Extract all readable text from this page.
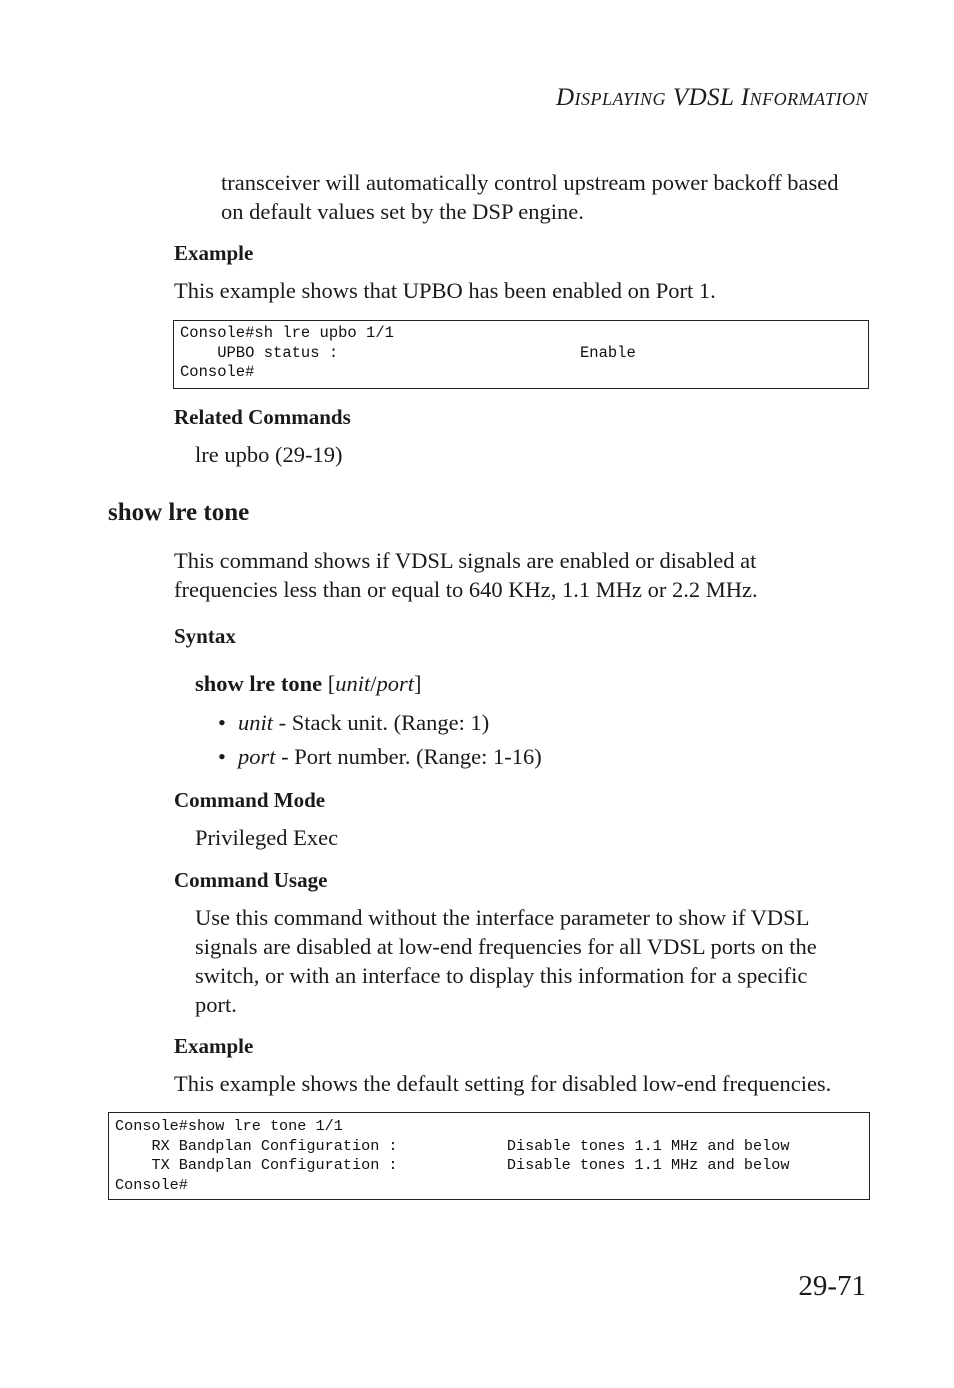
DISPLAYING VDSL INFORMATION
transceiver will automatically control upstream power backoff based
on default values set by the DSP engine.
Example
This example shows that UPBO has been enabled on Port 1.
Console#sh lre upbo 1/1
UPBO status :                          Enable
Console#
Related Commands
lre upbo (29-19)
show lre tone
This command shows if VDSL signals are enabled or disabled at
frequencies less than or equal to 640 KHz, 1.1 MHz or 2.2 MHz.
Syntax
show lre tone [unit/port]
• unit - Stack unit. (Range: 1)
• port - Port number. (Range: 1-16)
Command Mode
Privileged Exec
Command Usage
Use this command without the interface parameter to show if VDSL
signals are disabled at low-end frequencies for all VDSL ports on the
switch, or with an interface to display this information for a specific
port.
Example
This example shows the default setting for disabled low-end frequencies.
Console#show lre tone 1/1
RX Bandplan Configuration :            Disable tones 1.1 MHz and below
TX Bandplan Configuration :            Disable tones 1.1 MHz and below
Console#
29-71
